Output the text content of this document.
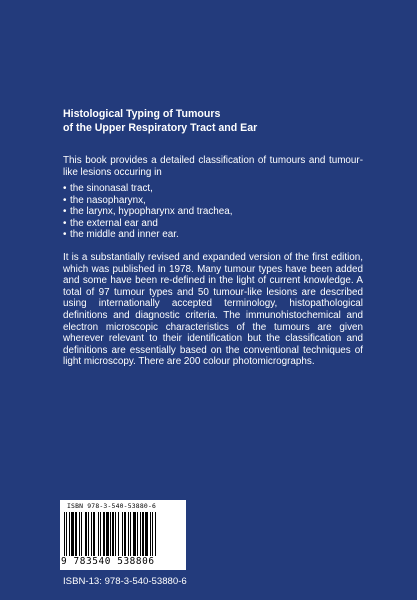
Histological Typing of Tumours
of the Upper Respiratory Tract and Ear
This book provides a detailed classification of tumours and tumour-like lesions occuring in
• the sinonasal tract,
• the nasopharynx,
• the larynx, hypopharynx and trachea,
• the external ear and
• the middle and inner ear.
It is a substantially revised and expanded version of the first edition, which was published in 1978. Many tumour types have been added and some have been re-defined in the light of current knowledge. A total of 97 tumour types and 50 tumour-like lesions are described using internationally accepted terminology, histopathological definitions and diagnostic criteria. The immunohistochemical and electron microscopic characteristics of the tumours are given wherever relevant to their identification but the classification and definitions are essentially based on the conventional techniques of light microscopy. There are 200 colour photomicrographs.
ISBN 978-3-540-53880-6
9 783540 538806
ISBN-13: 978-3-540-53880-6
